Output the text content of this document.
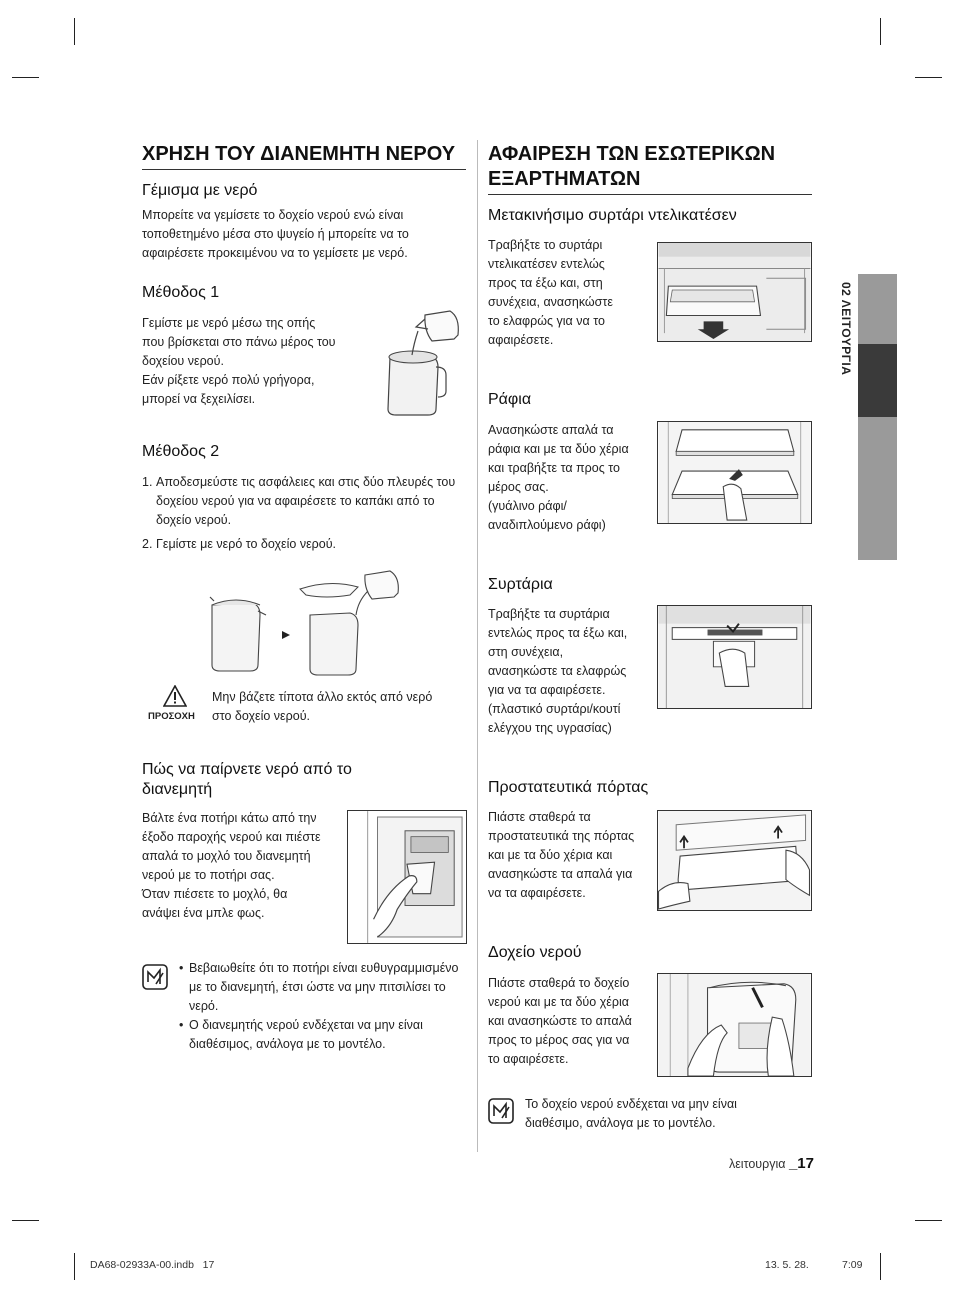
ΧΡΗΣΗ ΤΟΥ ΔΙΑΝΕΜΗΤΗ ΝΕΡΟΥ
Γέμισμα με νερό

Μπορείτε να γεμίσετε το δοχείο νερού ενώ είναι
τοποθετημένο μέσα στο ψυγείο ή μπορείτε να το
αφαιρέσετε προκειμένου να το γεμίσετε με νερό.

Μέθοδος 1

Γεμίστε με νερό μέσω της οπής
που βρίσκεται στο πάνω μέρος του
δοχείου νερού.
Εάν ρίξετε νερό πολύ γρήγορα,
μπορεί να ξεχειλίσει.

Μέθοδος 2
1. Αποδεσμεύστε τις ασφάλειες και στις δύο πλευρές του δοχείου νερού για να αφαιρέσετε το καπάκι από το δοχείο νερού.
2. Γεμίστε με νερό το δοχείο νερού.
ΠΡΟΣΟΧΗ

Μην βάζετε τίποτα άλλο εκτός από νερό
στο δοχείο νερού.

Πώς να παίρνετε νερό από το
διανεμητή

Βάλτε ένα ποτήρι κάτω από την
έξοδο παροχής νερού και πιέστε
απαλά το μοχλό του διανεμητή
νερού με το ποτήρι σας.
Όταν πιέσετε το μοχλό, θα
ανάψει ένα μπλε φως.

• Βεβαιωθείτε ότι το ποτήρι είναι ευθυγραμμισμένο με το διανεμητή, έτσι ώστε να μην πιτσιλίσει το νερό.
• Ο διανεμητής νερού ενδέχεται να μην είναι διαθέσιμος, ανάλογα με το μοντέλο.
ΑΦΑΙΡΕΣΗ ΤΩΝ ΕΣΩΤΕΡΙΚΩΝ
ΕΞΑΡΤΗΜΑΤΩΝ
Μετακινήσιμο συρτάρι ντελικατέσεν

Τραβήξτε το συρτάρι
ντελικατέσεν εντελώς
προς τα έξω και, στη
συνέχεια, ανασηκώστε
το ελαφρώς για να το
αφαιρέσετε.

Ράφια

Ανασηκώστε απαλά τα
ράφια και με τα δύο χέρια
και τραβήξτε τα προς το
μέρος σας.
(γυάλινο ράφι/
αναδιπλούμενο ράφι)

Συρτάρια

Τραβήξτε τα συρτάρια
εντελώς προς τα έξω και,
στη συνέχεια,
ανασηκώστε τα ελαφρώς
για να τα αφαιρέσετε.
(πλαστικό συρτάρι/κουτί
ελέγχου της υγρασίας)

Προστατευτικά πόρτας

Πιάστε σταθερά τα
προστατευτικά της πόρτας
και με τα δύο χέρια και
ανασηκώστε τα απαλά για
να τα αφαιρέσετε.

Δοχείο νερού

Πιάστε σταθερά το δοχείο
νερού και με τα δύο χέρια
και ανασηκώστε το απαλά
προς το μέρος σας για να
το αφαιρέσετε.

Το δοχείο νερού ενδέχεται να μην είναι
διαθέσιμο, ανάλογα με το μοντέλο.

02 ΛΕΙΤΟΥΡΓΙΑ
λειτουργια _17
DA68-02933A-00.indb   17	13. 5. 28.	7:09
